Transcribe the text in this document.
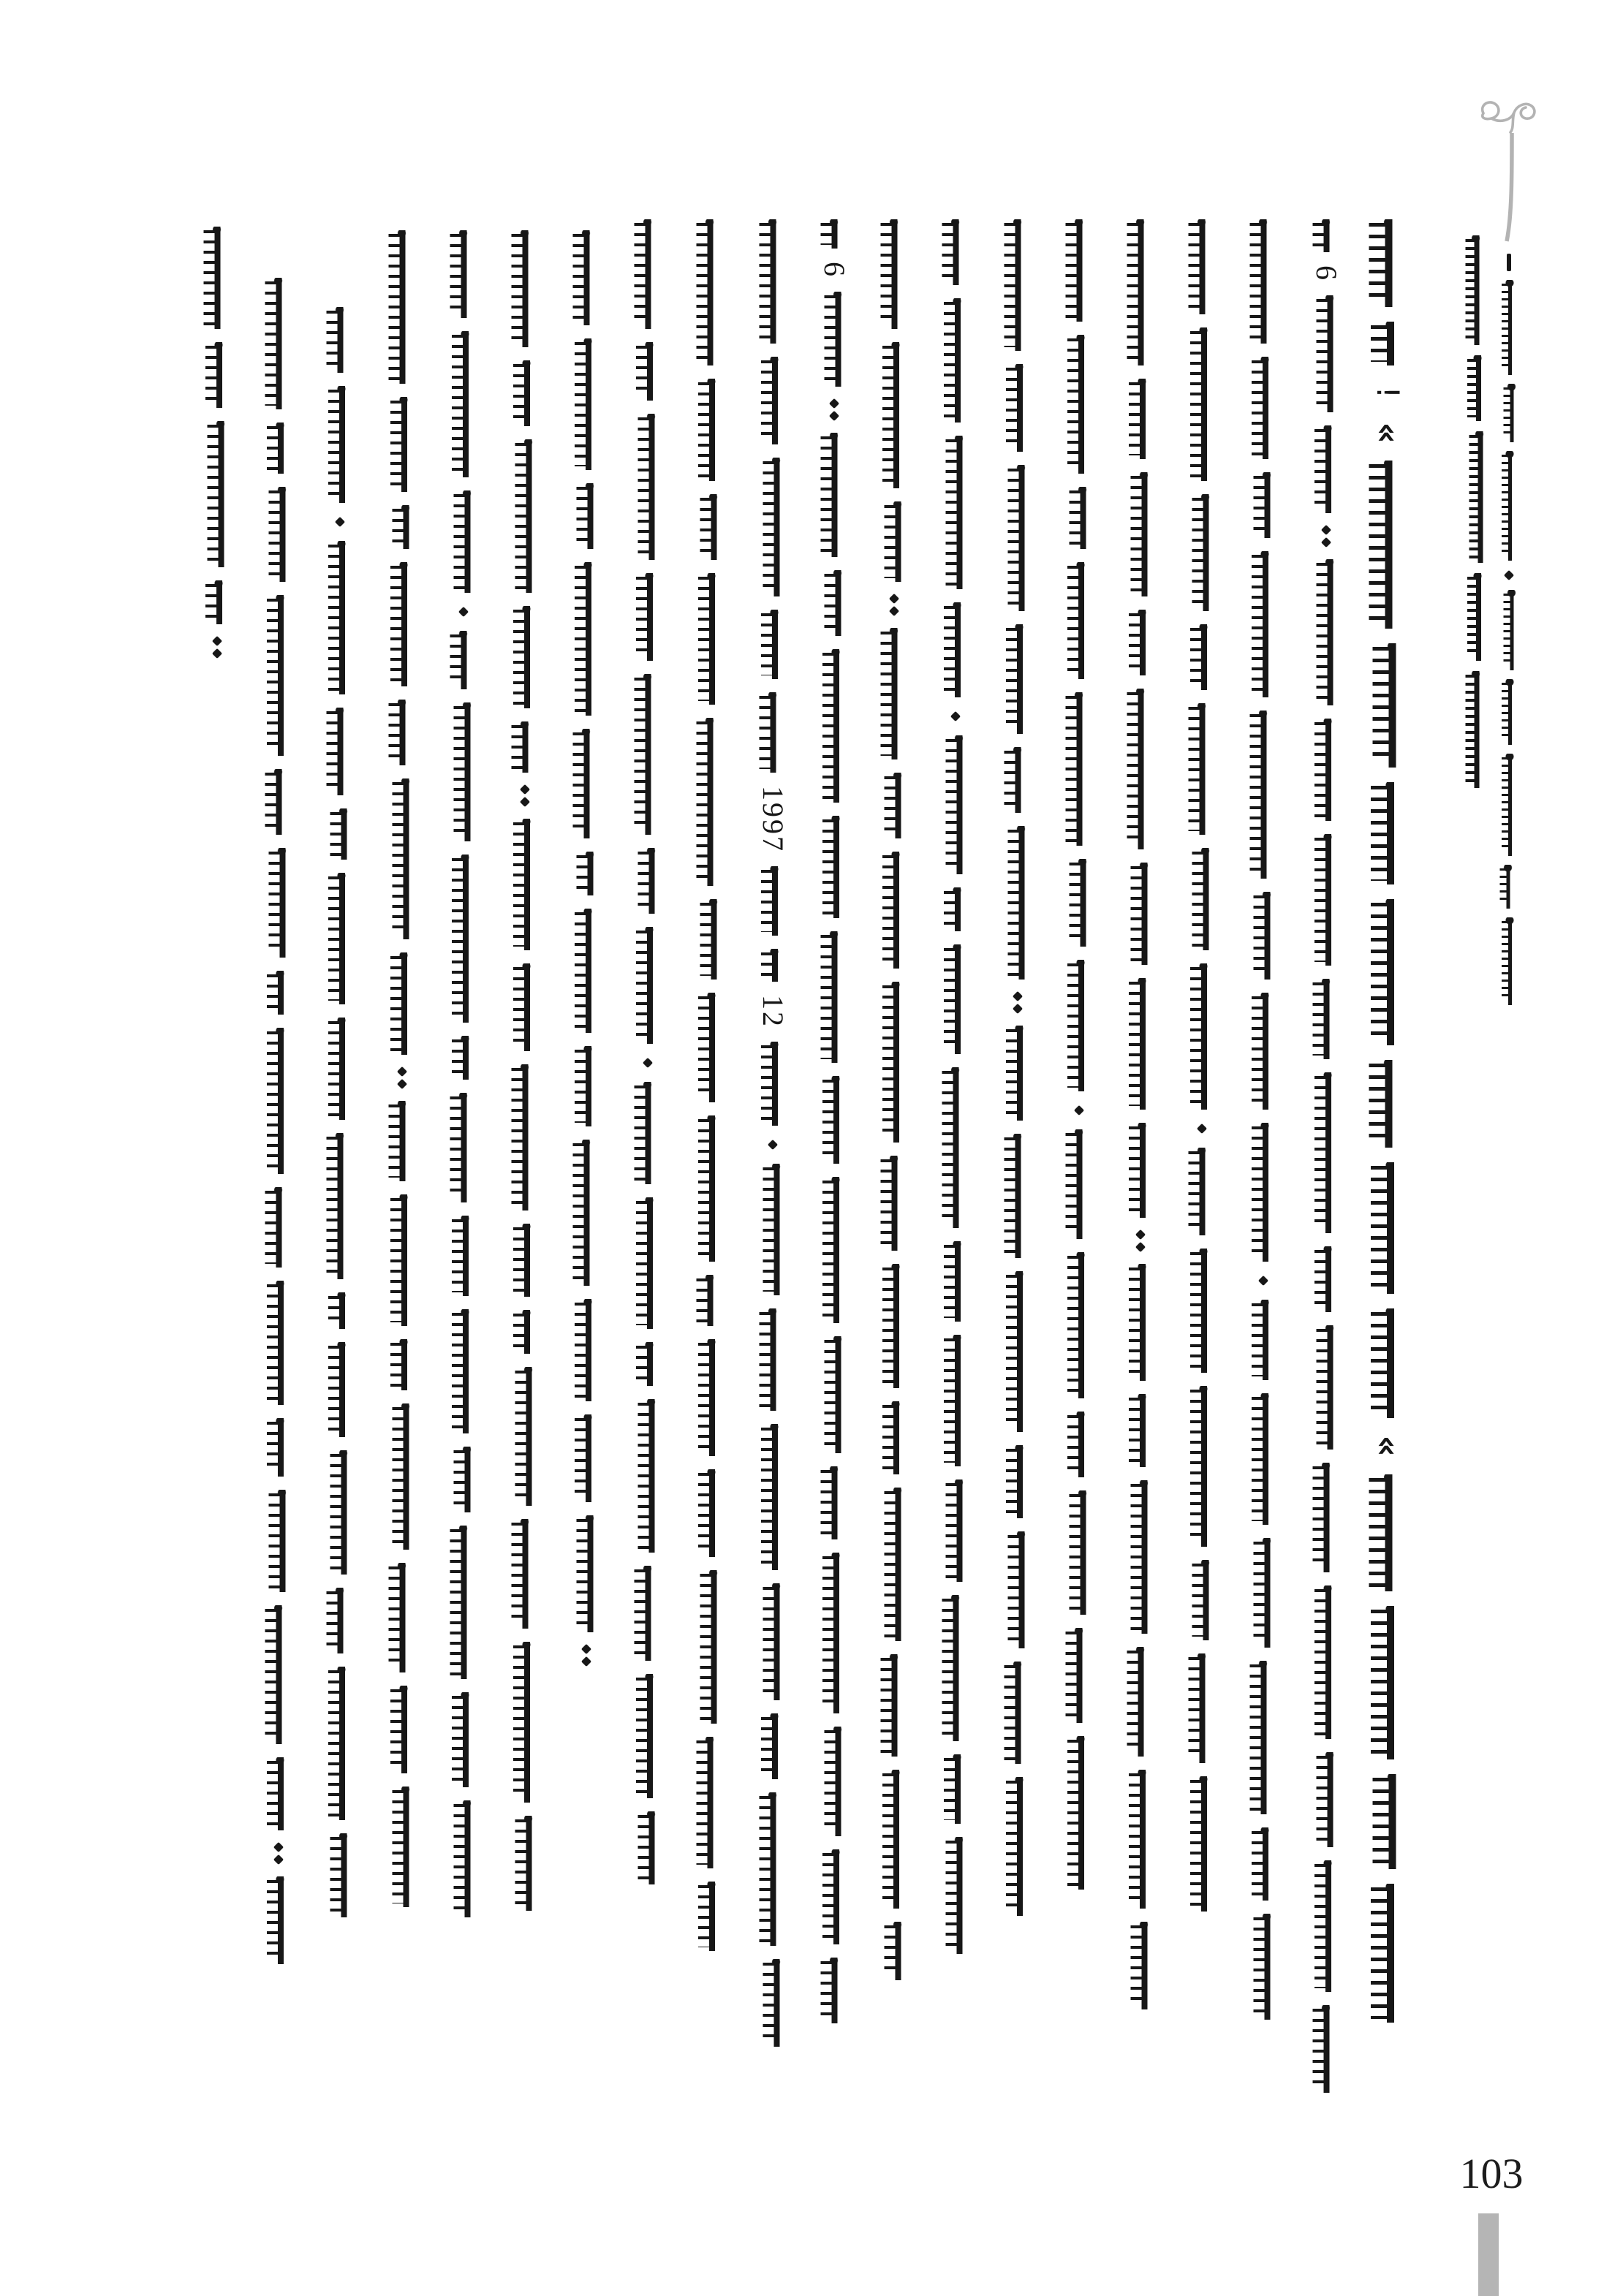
1997
12
6	6
!
«
«
103
